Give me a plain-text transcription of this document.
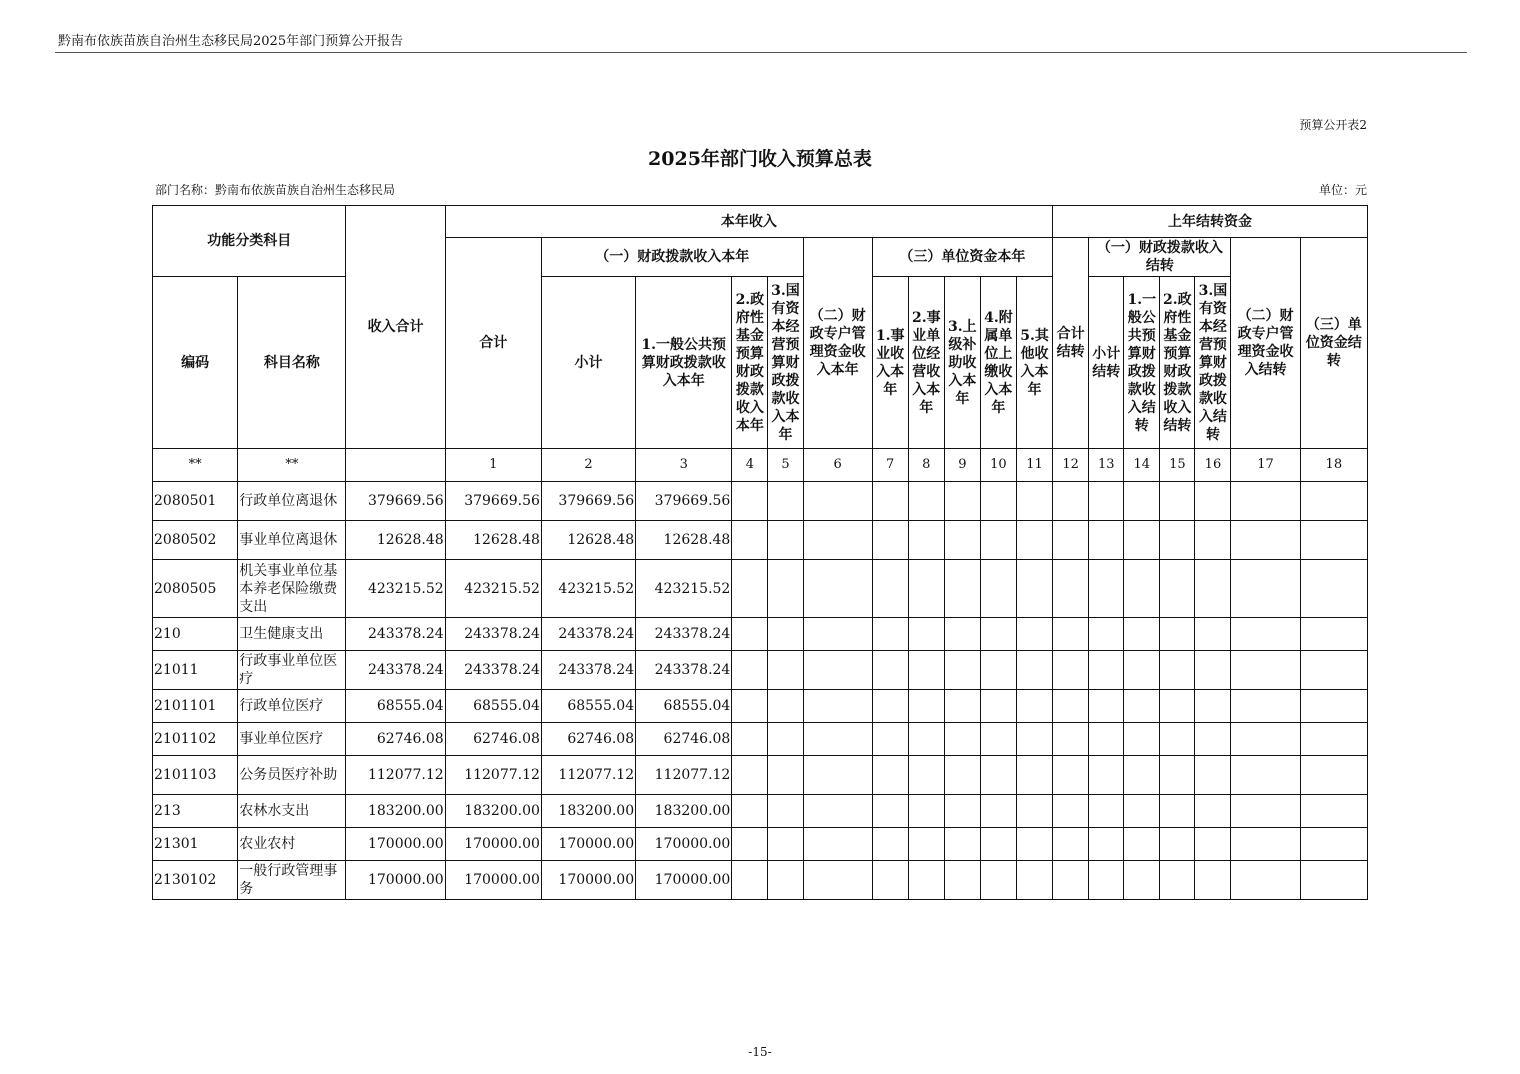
黔南布依族苗族自治州生态移民局2025年部门预算公开报告
预算公开表2
2025年部门收入预算总表
部门名称：黔南布依族苗族自治州生态移民局	单位：元
功能分类科目		收入合计	本年收入											上年结转资金						
			合计	（一）财政拨款收入本年				（二）财政专户管理资金收入本年	（三）单位资金本年					合计结转	（一）财政拨款收入结转				（二）财政专户管理资金收入结转	（三）单位资金结转
编码	科目名称			小计	1.一般公共预算财政拨款收入本年	2.政府性基金预算财政拨款收入本年	3.国有资本经营预算财政拨款收入本年		1.事业收入本年	2.事业单位经营收入本年	3.上级补助收入本年	4.附属单位上缴收入本年	5.其他收入本年		小计结转	1.一般公共预算财政拨款收入结转	2.政府性基金预算财政拨款收入结转	3.国有资本经营预算财政拨款收入结转		
**	**		1	2	3	4	5	6	7	8	9	10	11	12	13	14	15	16	17	18
2080501	行政单位离退休	379669.56	379669.56	379669.56	379669.56															
2080502	事业单位离退休	12628.48	12628.48	12628.48	12628.48															
2080505	机关事业单位基本养老保险缴费支出	423215.52	423215.52	423215.52	423215.52															
210	卫生健康支出	243378.24	243378.24	243378.24	243378.24															
21011	行政事业单位医疗	243378.24	243378.24	243378.24	243378.24															
2101101	行政单位医疗	68555.04	68555.04	68555.04	68555.04															
2101102	事业单位医疗	62746.08	62746.08	62746.08	62746.08															
2101103	公务员医疗补助	112077.12	112077.12	112077.12	112077.12															
213	农林水支出	183200.00	183200.00	183200.00	183200.00															
21301	农业农村	170000.00	170000.00	170000.00	170000.00															
2130102	一般行政管理事务	170000.00	170000.00	170000.00	170000.00															
-15-
